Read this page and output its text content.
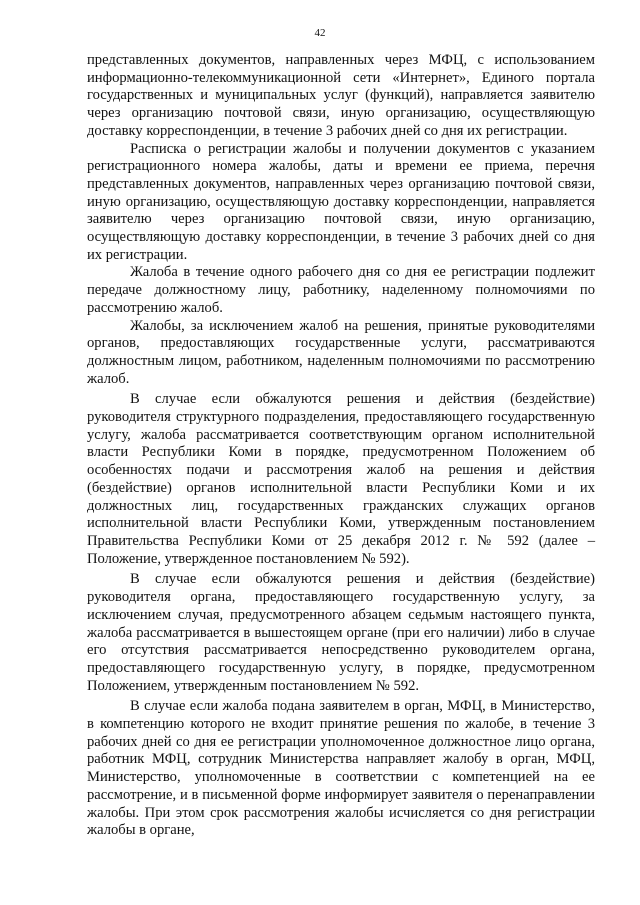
42

представленных документов, направленных через МФЦ, с использованием информационно-телекоммуникационной сети «Интернет», Единого портала государственных и муниципальных услуг (функций), направляется заявителю через организацию почтовой связи, иную организацию, осуществляющую доставку корреспонденции, в течение 3 рабочих дней со дня их регистрации.

Расписка о регистрации жалобы и получении документов с указанием регистрационного номера жалобы, даты и времени ее приема, перечня представленных документов, направленных через организацию почтовой связи, иную организацию, осуществляющую доставку корреспонденции, направляется заявителю через организацию почтовой связи, иную организацию, осуществляющую доставку корреспонденции, в течение 3 рабочих дней со дня их регистрации.

Жалоба в течение одного рабочего дня со дня ее регистрации подлежит передаче должностному лицу, работнику, наделенному полномочиями по рассмотрению жалоб.

Жалобы, за исключением жалоб на решения, принятые руководителями органов, предоставляющих государственные услуги, рассматриваются должностным лицом, работником, наделенным полномочиями по рассмотрению жалоб.

В случае если обжалуются решения и действия (бездействие) руководителя структурного подразделения, предоставляющего государственную услугу, жалоба рассматривается соответствующим органом исполнительной власти Республики Коми в порядке, предусмотренном Положением об особенностях подачи и рассмотрения жалоб на решения и действия (бездействие) органов исполнительной власти Республики Коми и их должностных лиц, государственных гражданских служащих органов исполнительной власти Республики Коми, утвержденным постановлением Правительства Республики Коми от 25 декабря 2012 г. № 592 (далее – Положение, утвержденное постановлением № 592).

В случае если обжалуются решения и действия (бездействие) руководителя органа, предоставляющего государственную услугу, за исключением случая, предусмотренного абзацем седьмым настоящего пункта, жалоба рассматривается в вышестоящем органе (при его наличии) либо в случае его отсутствия рассматривается непосредственно руководителем органа, предоставляющего государственную услугу, в порядке, предусмотренном Положением, утвержденным постановлением № 592.

В случае если жалоба подана заявителем в орган, МФЦ, в Министерство, в компетенцию которого не входит принятие решения по жалобе, в течение 3 рабочих дней со дня ее регистрации уполномоченное должностное лицо органа, работник МФЦ, сотрудник Министерства направляет жалобу в орган, МФЦ, Министерство, уполномоченные в соответствии с компетенцией на ее рассмотрение, и в письменной форме информирует заявителя о перенаправлении жалобы. При этом срок рассмотрения жалобы исчисляется со дня регистрации жалобы в органе,
